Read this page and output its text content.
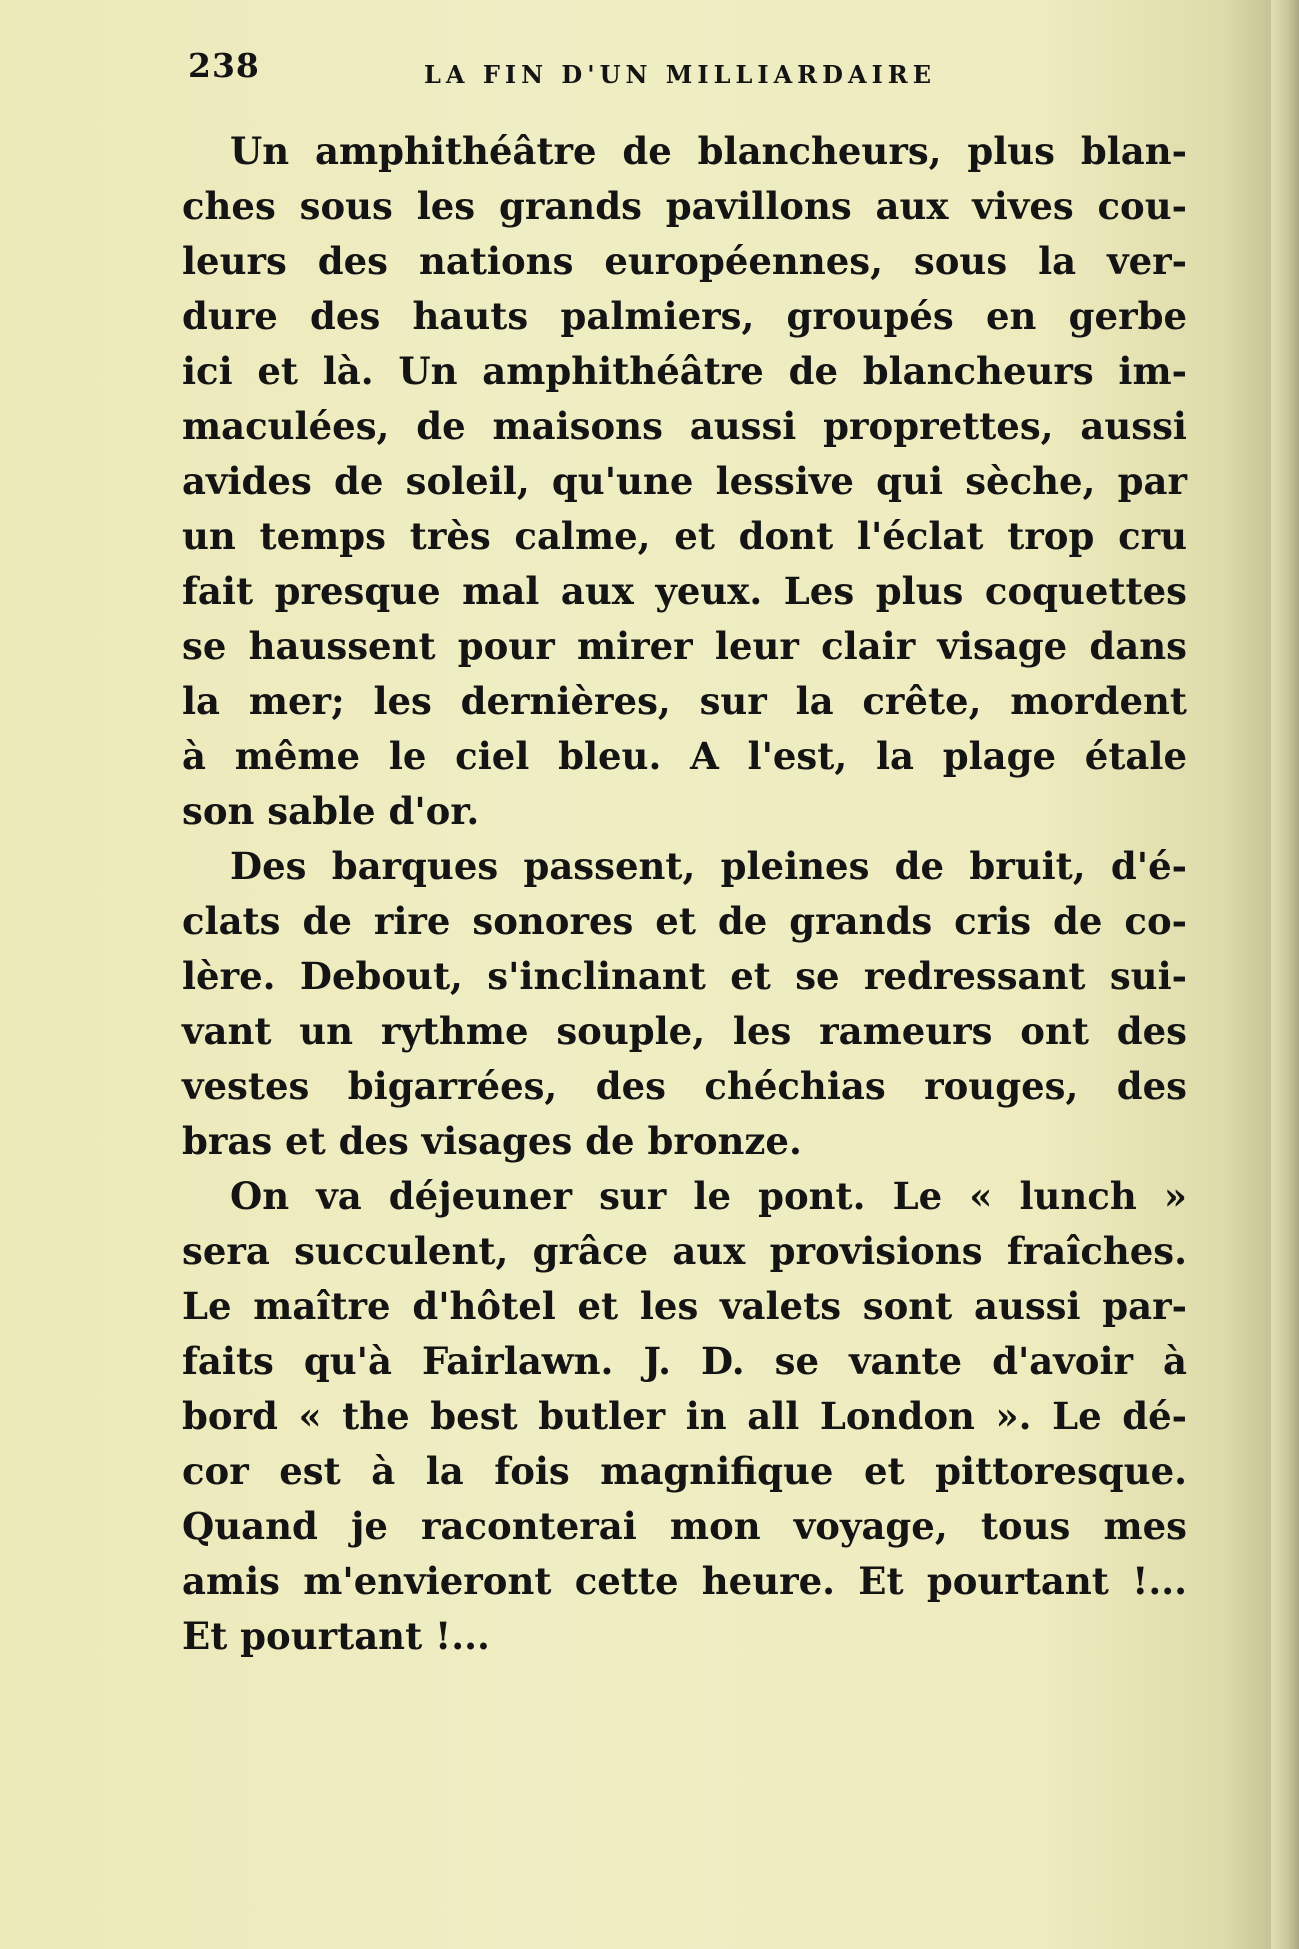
238	LA FIN D'UN MILLIARDAIRE

Un amphithéâtre de blancheurs, plus blan-
ches sous les grands pavillons aux vives cou-
leurs des nations européennes, sous la ver-
dure des hauts palmiers, groupés en gerbe
ici et là. Un amphithéâtre de blancheurs im-
maculées, de maisons aussi proprettes, aussi
avides de soleil, qu'une lessive qui sèche, par
un temps très calme, et dont l'éclat trop cru
fait presque mal aux yeux. Les plus coquettes
se haussent pour mirer leur clair visage dans
la mer; les dernières, sur la crête, mordent
à même le ciel bleu. A l'est, la plage étale
son sable d'or.

Des barques passent, pleines de bruit, d'é-
clats de rire sonores et de grands cris de co-
lère. Debout, s'inclinant et se redressant sui-
vant un rythme souple, les rameurs ont des
vestes bigarrées, des chéchias rouges, des
bras et des visages de bronze.

On va déjeuner sur le pont. Le « lunch »
sera succulent, grâce aux provisions fraîches.
Le maître d'hôtel et les valets sont aussi par-
faits qu'à Fairlawn. J. D. se vante d'avoir à
bord « the best butler in all London ». Le dé-
cor est à la fois magnifique et pittoresque.
Quand je raconterai mon voyage, tous mes
amis m'envieront cette heure. Et pourtant !...
Et pourtant !...
